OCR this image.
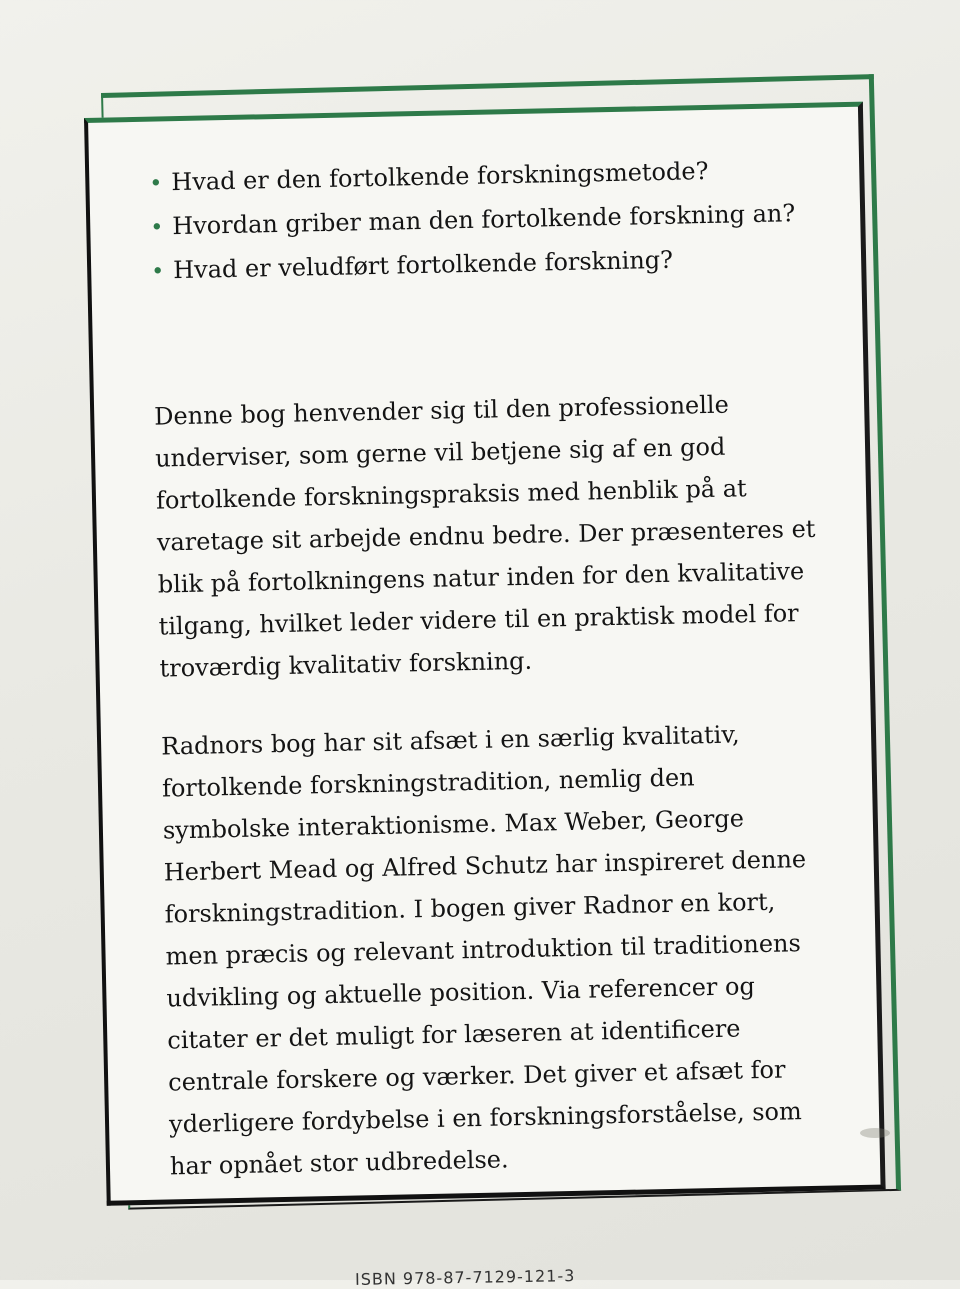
• Hvad er den fortolkende forskningsmetode?
• Hvordan griber man den fortolkende forskning an?
• Hvad er veludført fortolkende forskning?

Denne bog henvender sig til den professionelle underviser, som gerne vil betjene sig af en god fortolkende forskningspraksis med henblik på at varetage sit arbejde endnu bedre. Der præsenteres et blik på fortolkningens natur inden for den kvalitative tilgang, hvilket leder videre til en praktisk model for troværdig kvalitativ forskning.

Radnors bog har sit afsæt i en særlig kvalitativ, fortolkende forskningstradition, nemlig den symbolske interaktionisme. Max Weber, George Herbert Mead og Alfred Schutz har inspireret denne forskningstradition. I bogen giver Radnor en kort, men præcis og relevant introduktion til traditionens udvikling og aktuelle position. Via referencer og citater er det muligt for læseren at identificere centrale forskere og værker. Det giver et afsæt for yderligere fordybelse i en forskningsforståelse, som har opnået stor udbredelse.

ISBN 978-87-7129-121-3
